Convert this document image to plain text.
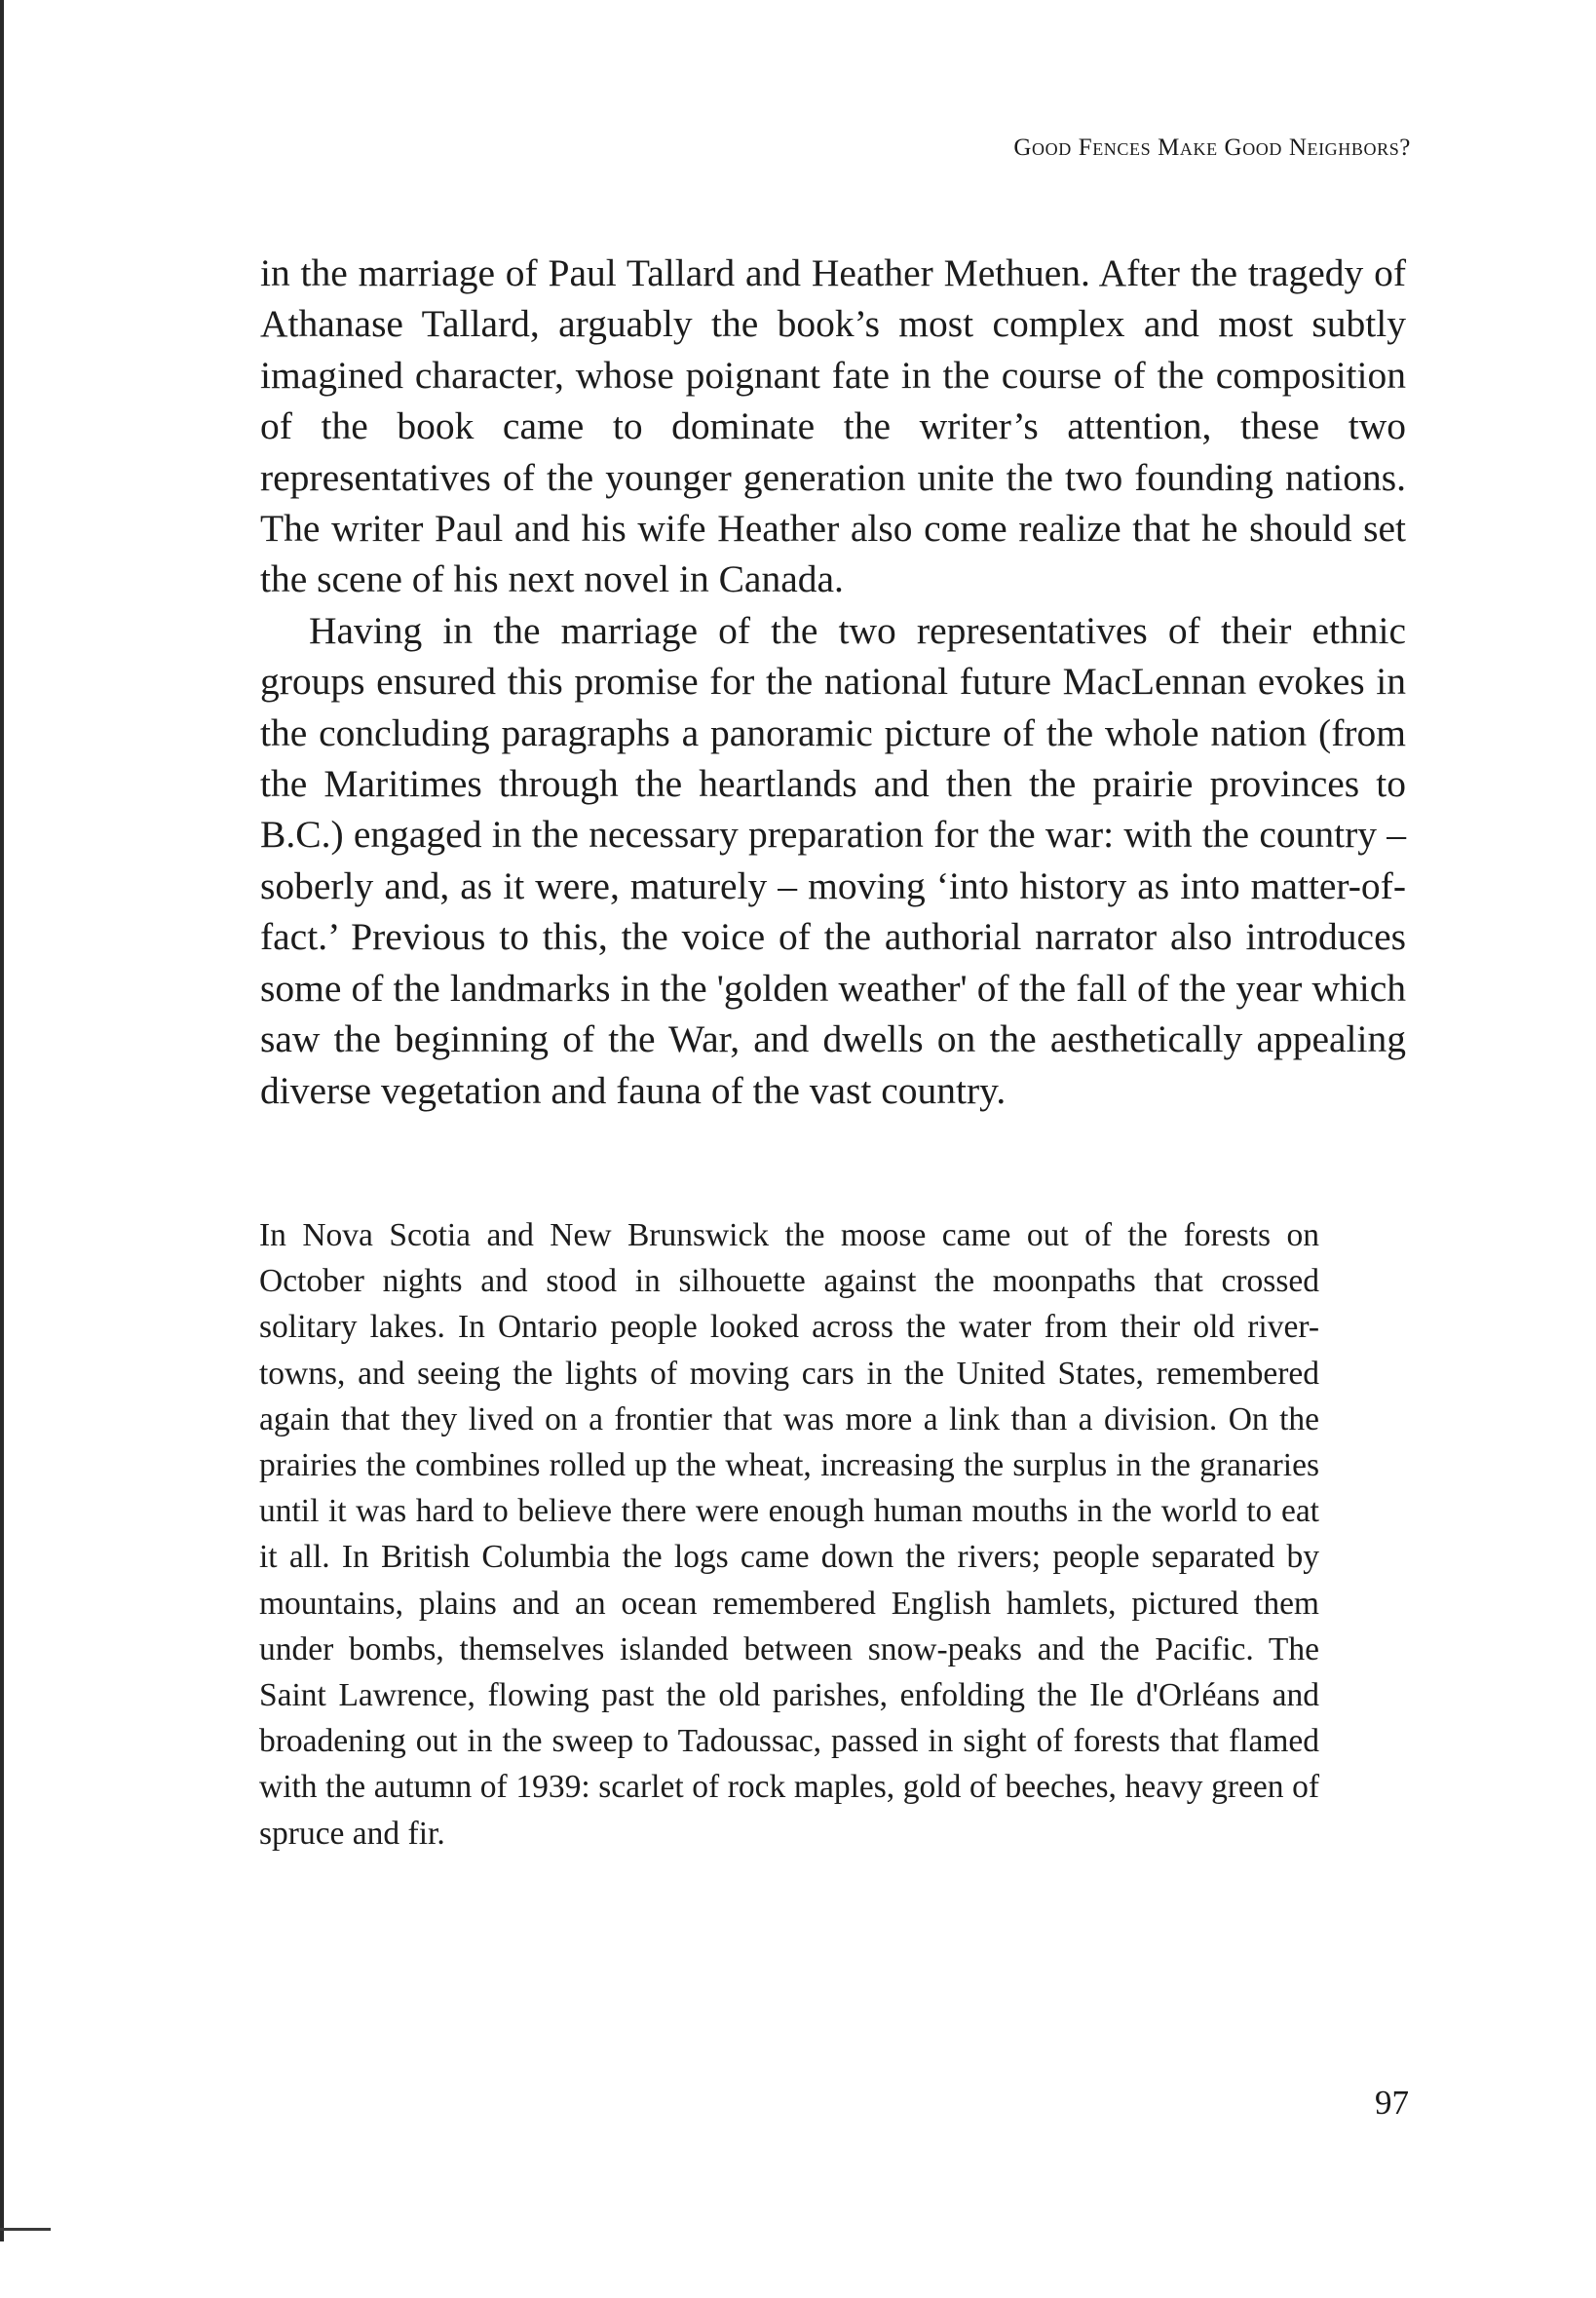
Good Fences Make Good Neighbors?

in the marriage of Paul Tallard and Heather Methuen. After the tragedy of Athanase Tallard, arguably the book’s most complex and most subtly imagined character, whose poignant fate in the course of the composition of the book came to dominate the writer’s attention, these two representatives of the younger generation unite the two founding nations. The writer Paul and his wife Heather also come realize that he should set the scene of his next novel in Canada.

Having in the marriage of the two representatives of their ethnic groups ensured this promise for the national future MacLennan evokes in the concluding paragraphs a panoramic picture of the whole nation (from the Maritimes through the heartlands and then the prairie provinces to B.C.) engaged in the necessary preparation for the war: with the country – soberly and, as it were, maturely – moving ‘into history as into matter-of-fact.’ Previous to this, the voice of the authorial narrator also introduces some of the landmarks in the 'golden weather' of the fall of the year which saw the beginning of the War, and dwells on the aesthetically appealing diverse vegetation and fauna of the vast country.

In Nova Scotia and New Brunswick the moose came out of the forests on October nights and stood in silhouette against the moonpaths that crossed solitary lakes. In Ontario people looked across the water from their old river-towns, and seeing the lights of moving cars in the United States, remembered again that they lived on a frontier that was more a link than a division. On the prairies the combines rolled up the wheat, increasing the surplus in the granaries until it was hard to believe there were enough human mouths in the world to eat it all. In British Columbia the logs came down the rivers; people separated by mountains, plains and an ocean remembered English hamlets, pictured them under bombs, themselves islanded between snow-peaks and the Pacific. The Saint Lawrence, flowing past the old parishes, enfolding the Ile d'Orléans and broadening out in the sweep to Tadoussac, passed in sight of forests that flamed with the autumn of 1939: scarlet of rock maples, gold of beeches, heavy green of spruce and fir.

97
